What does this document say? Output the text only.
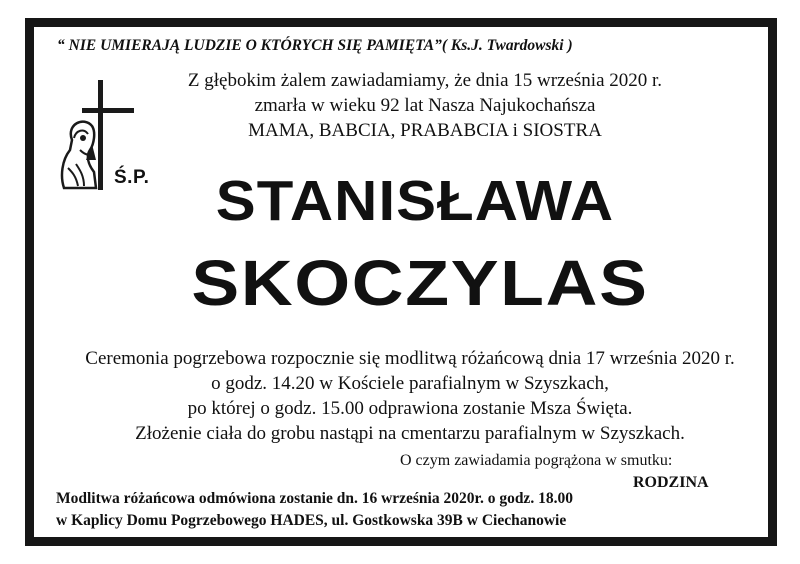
“ NIE UMIERAJĄ LUDZIE O KTÓRYCH SIĘ PAMIĘTA”( Ks.J. Twardowski )
Z głębokim żalem zawiadamiamy, że dnia 15 września 2020 r.
zmarła w wieku 92 lat Nasza Najukochańsza
MAMA, BABCIA, PRABABCIA i SIOSTRA
Ś.P.	STANISŁAWA
SKOCZYLAS
Ceremonia pogrzebowa rozpocznie się modlitwą różańcową dnia 17 września 2020 r.
o godz. 14.20 w Kościele parafialnym w Szyszkach,
po której o godz. 15.00 odprawiona zostanie Msza Święta.
Złożenie ciała do grobu nastąpi na cmentarzu parafialnym w Szyszkach.
O czym zawiadamia pogrążona w smutku:
RODZINA
Modlitwa różańcowa odmówiona zostanie dn. 16 września 2020r. o godz. 18.00
w Kaplicy Domu Pogrzebowego HADES, ul. Gostkowska 39B w Ciechanowie
